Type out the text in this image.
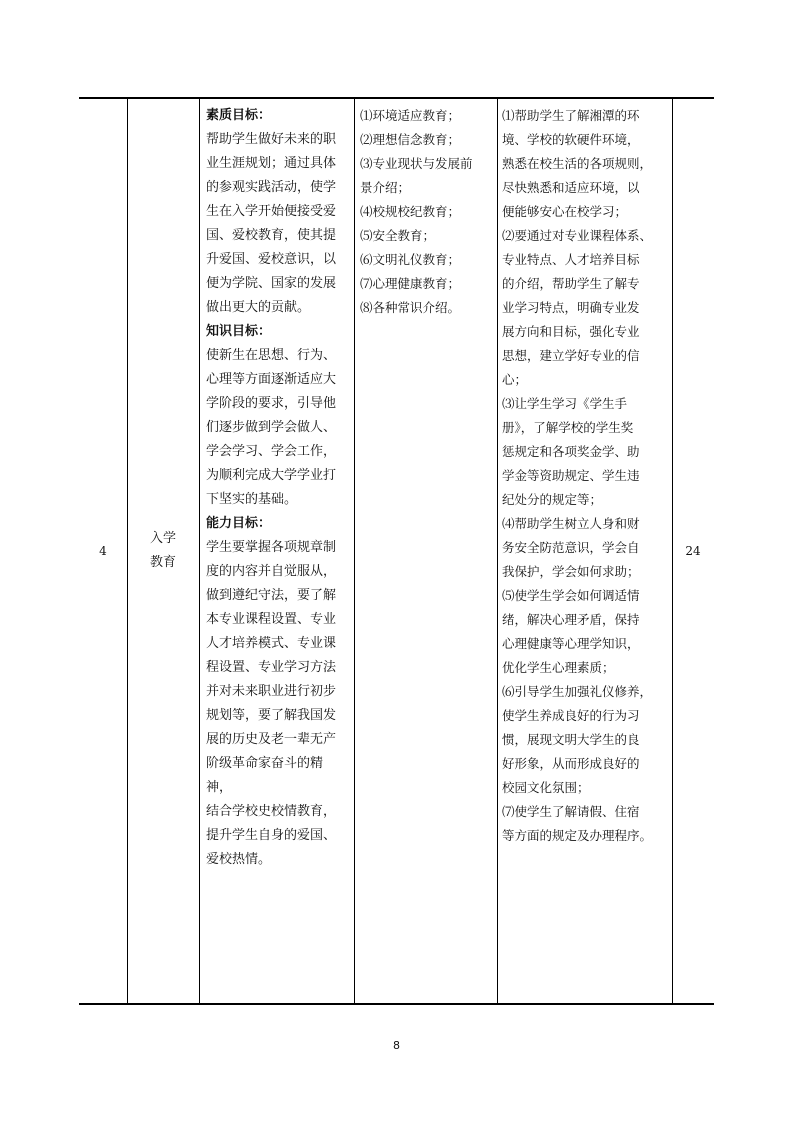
4
入学
教育
素质目标：
帮助学生做好未来的职
业生涯规划；通过具体
的参观实践活动，使学
生在入学开始便接受爱
国、爱校教育，使其提
升爱国、爱校意识，以
便为学院、国家的发展
做出更大的贡献。
知识目标：
使新生在思想、行为、
心理等方面逐渐适应大
学阶段的要求，引导他
们逐步做到学会做人、
学会学习、学会工作，
为顺利完成大学学业打
下坚实的基础。
能力目标：
学生要掌握各项规章制
度的内容并自觉服从，
做到遵纪守法，要了解
本专业课程设置、专业
人才培养模式、专业课
程设置、专业学习方法
并对未来职业进行初步
规划等，要了解我国发
展的历史及老一辈无产
阶级革命家奋斗的精神，
结合学校史校情教育，
提升学生自身的爱国、
爱校热情。
⑴环境适应教育；
⑵理想信念教育；
⑶专业现状与发展前
景介绍；
⑷校规校纪教育；
⑸安全教育；
⑹文明礼仪教育；
⑺心理健康教育；
⑻各种常识介绍。
⑴帮助学生了解湘潭的环
境、学校的软硬件环境，
熟悉在校生活的各项规则，
尽快熟悉和适应环境，以
便能够安心在校学习；
⑵要通过对专业课程体系、
专业特点、人才培养目标
的介绍，帮助学生了解专
业学习特点，明确专业发
展方向和目标，强化专业
思想，建立学好专业的信
心；
⑶让学生学习《学生手
册》，了解学校的学生奖
惩规定和各项奖金学、助
学金等资助规定、学生违
纪处分的规定等；
⑷帮助学生树立人身和财
务安全防范意识，学会自
我保护，学会如何求助；
⑸使学生学会如何调适情
绪，解决心理矛盾，保持
心理健康等心理学知识，
优化学生心理素质；
⑹引导学生加强礼仪修养，
使学生养成良好的行为习
惯，展现文明大学生的良
好形象，从而形成良好的
校园文化氛围；
⑺使学生了解请假、住宿
等方面的规定及办理程序。
24
8
